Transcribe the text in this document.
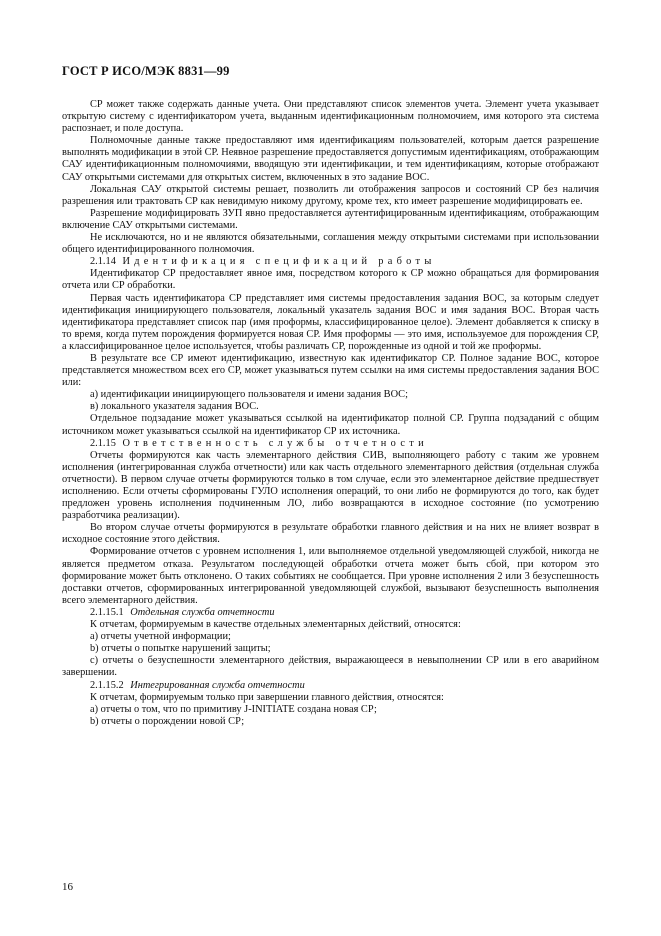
ГОСТ Р ИСО/МЭК 8831—99

СР может также содержать данные учета. Они представляют список элементов учета. Элемент учета указывает открытую систему с идентификатором учета, выданным идентификационным полномочием, имя которого эта система распознает, и поле доступа.

Полномочные данные также предоставляют имя идентификациям пользователей, которым дается разрешение выполнять модификации в этой СР. Неявное разрешение предоставляется допустимым идентификациям, отображающим САУ идентификационным полномочиями, вводящую эти идентификации, и тем идентификациям, которые отображают САУ открытыми системами для открытых систем, включенных в это задание ВОС.

Локальная САУ открытой системы решает, позволить ли отображения запросов и состояний СР без наличия разрешения или трактовать СР как невидимую никому другому, кроме тех, кто имеет разрешение модифицировать ее.

Разрешение модифицировать ЗУП явно предоставляется аутентифицированным идентификациям, отображающим включение САУ открытыми системами.

Не исключаются, но и не являются обязательными, соглашения между открытыми системами при использовании общего идентифицированного полномочия.

2.1.14 Идентификация спецификаций работы

Идентификатор СР предоставляет явное имя, посредством которого к СР можно обращаться для формирования отчета или СР обработки.

Первая часть идентификатора СР представляет имя системы предоставления задания ВОС, за которым следует идентификация инициирующего пользователя, локальный указатель задания ВОС и имя задания ВОС. Вторая часть идентификатора представляет список пар (имя проформы, классифицированное целое). Элемент добавляется к списку в то время, когда путем порождения формируется новая СР. Имя проформы — это имя, используемое для порождения СР, а классифицированное целое используется, чтобы различать СР, порожденные из одной и той же проформы.

В результате все СР имеют идентификацию, известную как идентификатор СР. Полное задание ВОС, которое представляется множеством всех его СР, может указываться путем ссылки на имя системы предоставления задания ВОС или:

а) идентификации инициирующего пользователя и имени задания ВОС;

в) локального указателя задания ВОС.

Отдельное подзадание может указываться ссылкой на идентификатор полной СР. Группа подзаданий с общим источником может указываться ссылкой на идентификатор СР их источника.

2.1.15 Ответственность службы отчетности

Отчеты формируются как часть элементарного действия СИВ, выполняющего работу с таким же уровнем исполнения (интегрированная служба отчетности) или как часть отдельного элементарного действия (отдельная служба отчетности). В первом случае отчеты формируются только в том случае, если это элементарное действие предшествует исполнению. Если отчеты сформированы ГУЛО исполнения операций, то они либо не формируются до того, как будет предложен уровень исполнения подчиненным ЛО, либо возвращаются в исходное состояние (по усмотрению разработчика реализации).

Во втором случае отчеты формируются в результате обработки главного действия и на них не влияет возврат в исходное состояние этого действия.

Формирование отчетов с уровнем исполнения 1, или выполняемое отдельной уведомляющей службой, никогда не является предметом отказа. Результатом последующей обработки отчета может быть сбой, при котором это формирование может быть отклонено. О таких событиях не сообщается. При уровне исполнения 2 или 3 безуспешность доставки отчетов, сформированных интегрированной уведомляющей службой, вызывают безуспешность выполнения всего элементарного действия.

2.1.15.1 Отдельная служба отчетности

К отчетам, формируемым в качестве отдельных элементарных действий, относятся:

а) отчеты учетной информации;

b) отчеты о попытке нарушений защиты;

с) отчеты о безуспешности элементарного действия, выражающееся в невыполнении СР или в его аварийном завершении.

2.1.15.2 Интегрированная служба отчетности

К отчетам, формируемым только при завершении главного действия, относятся:

а) отчеты о том, что по примитиву J-INITIATE создана новая СР;

b) отчеты о порождении новой СР;

16
